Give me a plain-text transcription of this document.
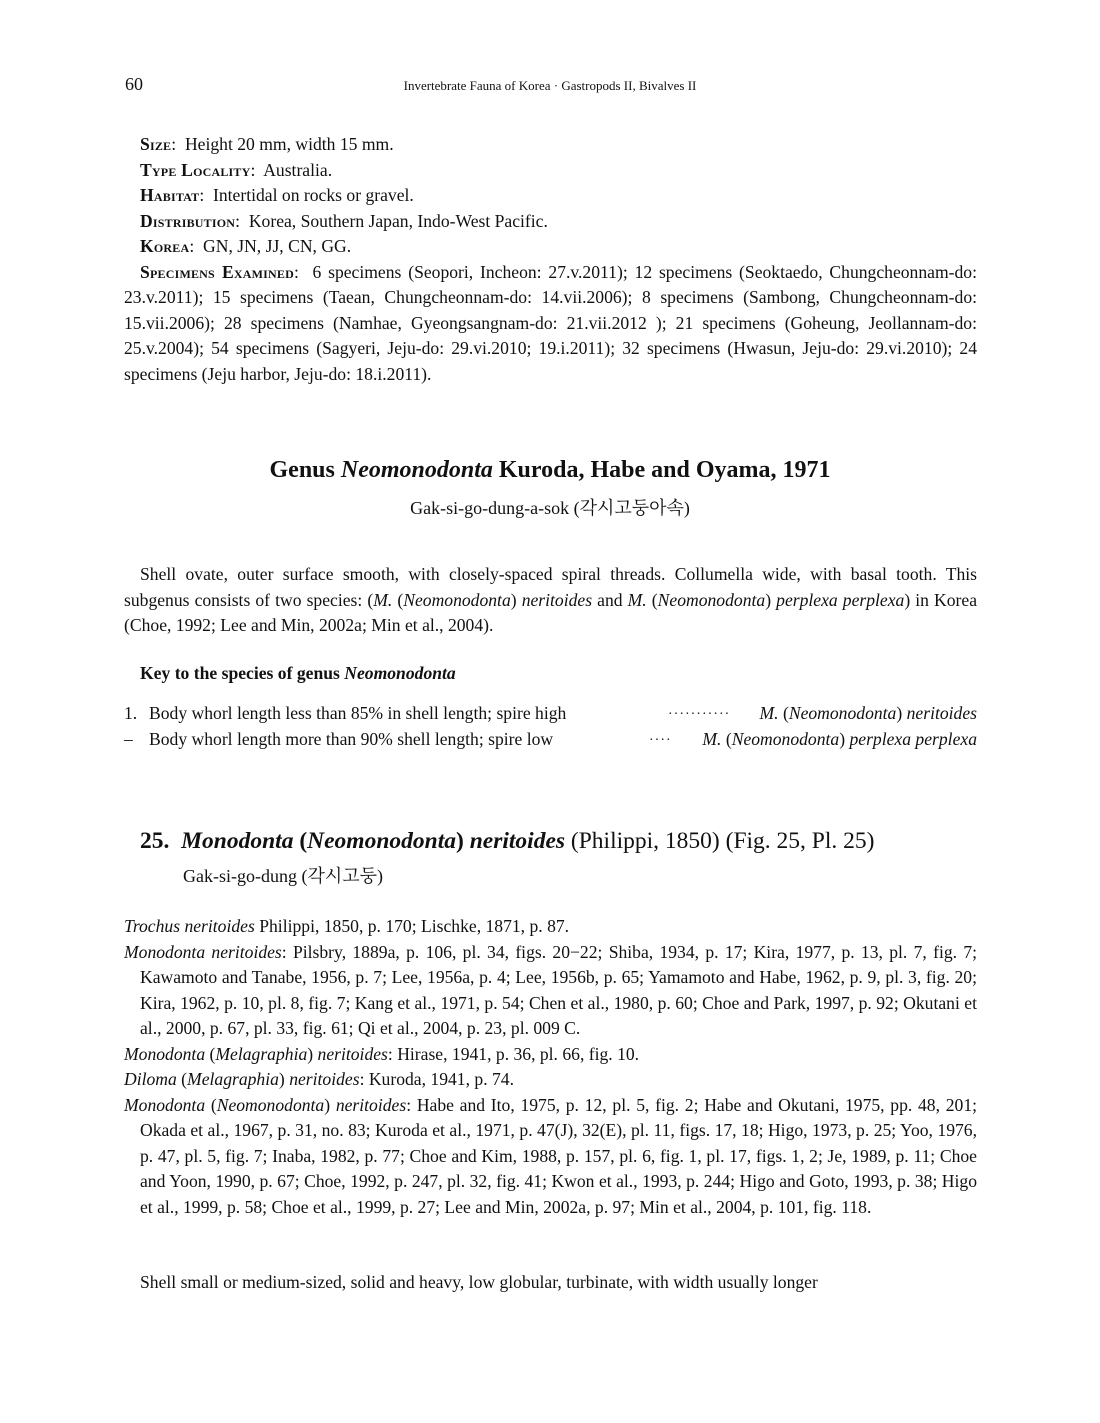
60	Invertebrate Fauna of Korea · Gastropods II, Bivalves II
Size:  Height 20 mm, width 15 mm.
Type Locality:  Australia.
Habitat:  Intertidal on rocks or gravel.
Distribution:  Korea, Southern Japan, Indo-West Pacific.
Korea:  GN, JN, JJ, CN, GG.
Specimens Examined:  6 specimens (Seopori, Incheon: 27.v.2011); 12 specimens (Seoktaedo, Chungcheonnam-do: 23.v.2011); 15 specimens (Taean, Chungcheonnam-do: 14.vii.2006); 8 specimens (Sambong, Chungcheonnam-do: 15.vii.2006); 28 specimens (Namhae, Gyeongsangnam-do: 21.vii.2012 ); 21 specimens (Goheung, Jeollannam-do: 25.v.2004); 54 specimens (Sagyeri, Jeju-do: 29.vi.2010; 19.i.2011); 32 specimens (Hwasun, Jeju-do: 29.vi.2010); 24 specimens (Jeju harbor, Jeju-do: 18.i.2011).
Genus Neomonodonta Kuroda, Habe and Oyama, 1971
Gak-si-go-dung-a-sok (각시고둥아속)
Shell ovate, outer surface smooth, with closely-spaced spiral threads. Collumella wide, with basal tooth. This subgenus consists of two species: (M. (Neomonodonta) neritoides and M. (Neomonodonta) perplexa perplexa) in Korea (Choe, 1992; Lee and Min, 2002a; Min et al., 2004).
Key to the species of genus Neomonodonta
1. Body whorl length less than 85% in shell length; spire high	··········· M. (Neomonodonta) neritoides
– Body whorl length more than 90% shell length; spire low	···· M. (Neomonodonta) perplexa perplexa
25. Monodonta (Neomonodonta) neritoides (Philippi, 1850) (Fig. 25, Pl. 25)
Gak-si-go-dung (각시고둥)
Trochus neritoides Philippi, 1850, p. 170; Lischke, 1871, p. 87.
Monodonta neritoides: Pilsbry, 1889a, p. 106, pl. 34, figs. 20−22; Shiba, 1934, p. 17; Kira, 1977, p. 13, pl. 7, fig. 7; Kawamoto and Tanabe, 1956, p. 7; Lee, 1956a, p. 4; Lee, 1956b, p. 65; Yamamoto and Habe, 1962, p. 9, pl. 3, fig. 20; Kira, 1962, p. 10, pl. 8, fig. 7; Kang et al., 1971, p. 54; Chen et al., 1980, p. 60; Choe and Park, 1997, p. 92; Okutani et al., 2000, p. 67, pl. 33, fig. 61; Qi et al., 2004, p. 23, pl. 009 C.
Monodonta (Melagraphia) neritoides: Hirase, 1941, p. 36, pl. 66, fig. 10.
Diloma (Melagraphia) neritoides: Kuroda, 1941, p. 74.
Monodonta (Neomonodonta) neritoides: Habe and Ito, 1975, p. 12, pl. 5, fig. 2; Habe and Okutani, 1975, pp. 48, 201; Okada et al., 1967, p. 31, no. 83; Kuroda et al., 1971, p. 47(J), 32(E), pl. 11, figs. 17, 18; Higo, 1973, p. 25; Yoo, 1976, p. 47, pl. 5, fig. 7; Inaba, 1982, p. 77; Choe and Kim, 1988, p. 157, pl. 6, fig. 1, pl. 17, figs. 1, 2; Je, 1989, p. 11; Choe and Yoon, 1990, p. 67; Choe, 1992, p. 247, pl. 32, fig. 41; Kwon et al., 1993, p. 244; Higo and Goto, 1993, p. 38; Higo et al., 1999, p. 58; Choe et al., 1999, p. 27; Lee and Min, 2002a, p. 97; Min et al., 2004, p. 101, fig. 118.
Shell small or medium-sized, solid and heavy, low globular, turbinate, with width usually longer
